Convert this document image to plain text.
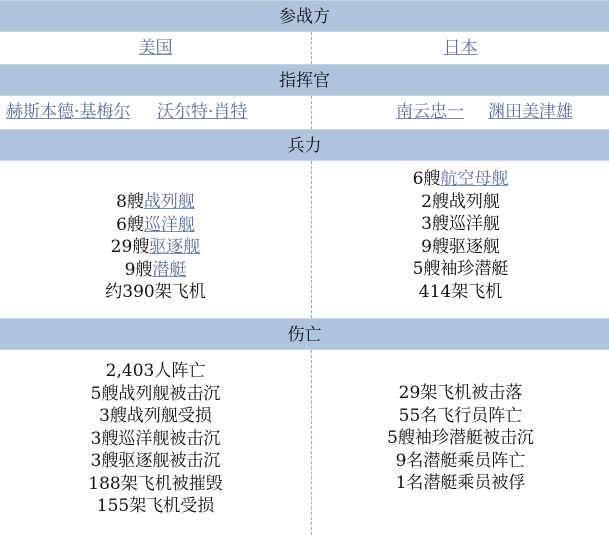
参战方
美国	日本
指挥官
赫斯本德·基梅尔 沃尔特·肖特	南云忠一 渊田美津雄
兵力
8艘战列舰
6艘巡洋舰
29艘驱逐舰
9艘潜艇
约390架飞机
6艘航空母舰
2艘战列舰
3艘巡洋舰
9艘驱逐舰
5艘袖珍潜艇
414架飞机
伤亡
2,403人阵亡
5艘战列舰被击沉
3艘战列舰受损
3艘巡洋舰被击沉
3艘驱逐舰被击沉
188架飞机被摧毁
155架飞机受损
29架飞机被击落
55名飞行员阵亡
5艘袖珍潜艇被击沉
9名潜艇乘员阵亡
1名潜艇乘员被俘
